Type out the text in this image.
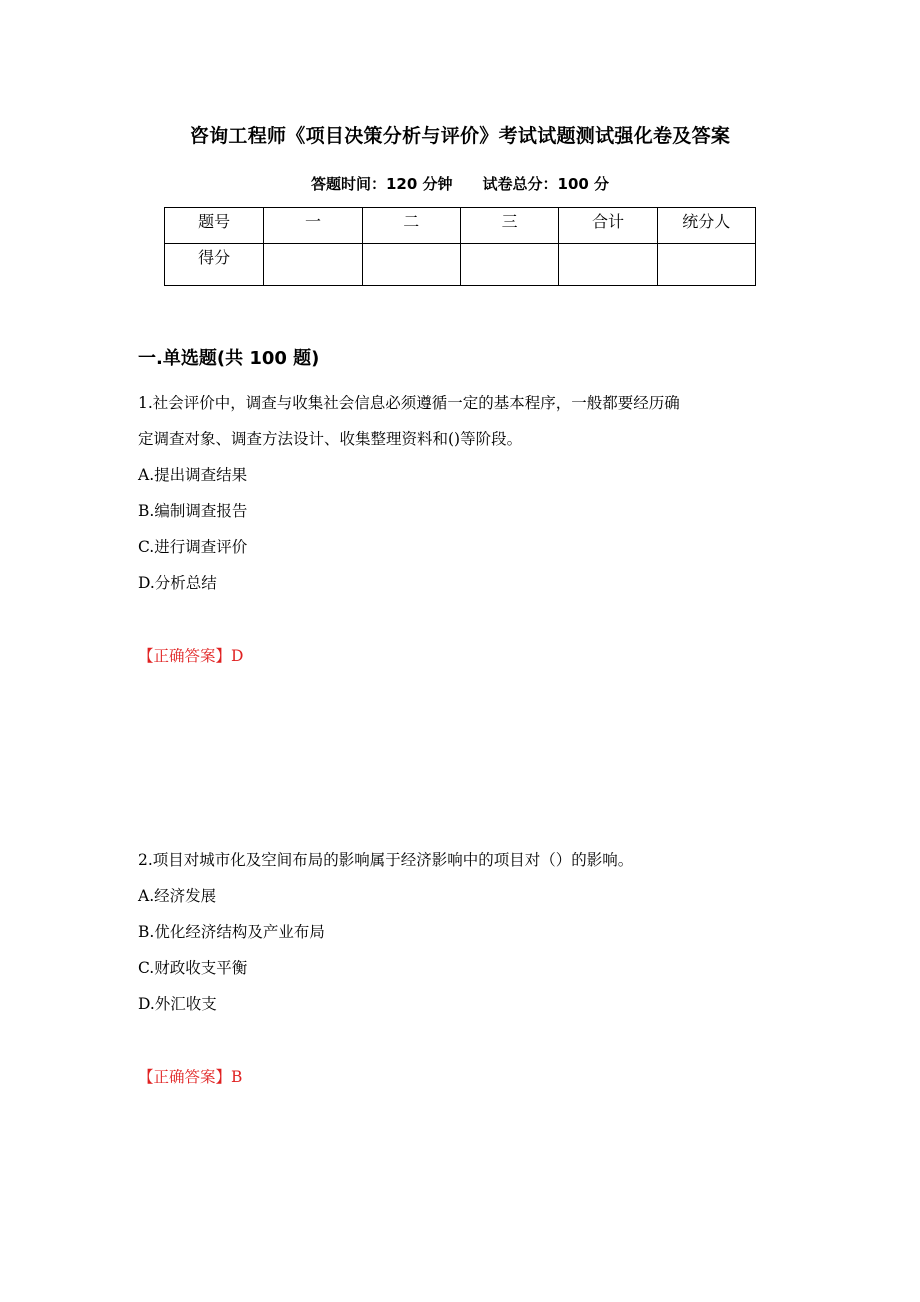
咨询工程师《项目决策分析与评价》考试试题测试强化卷及答案
答题时间：120 分钟 试卷总分：100 分
题号	一	二	三	合计	统分人
得分					
一.单选题(共 100 题)
1.社会评价中，调查与收集社会信息必须遵循一定的基本程序，一般都要经历确
定调查对象、调查方法设计、收集整理资料和()等阶段。
A.提出调查结果
B.编制调查报告
C.进行调查评价
D.分析总结
【正确答案】D
2.项目对城市化及空间布局的影响属于经济影响中的项目对（）的影响。
A.经济发展
B.优化经济结构及产业布局
C.财政收支平衡
D.外汇收支
【正确答案】B
